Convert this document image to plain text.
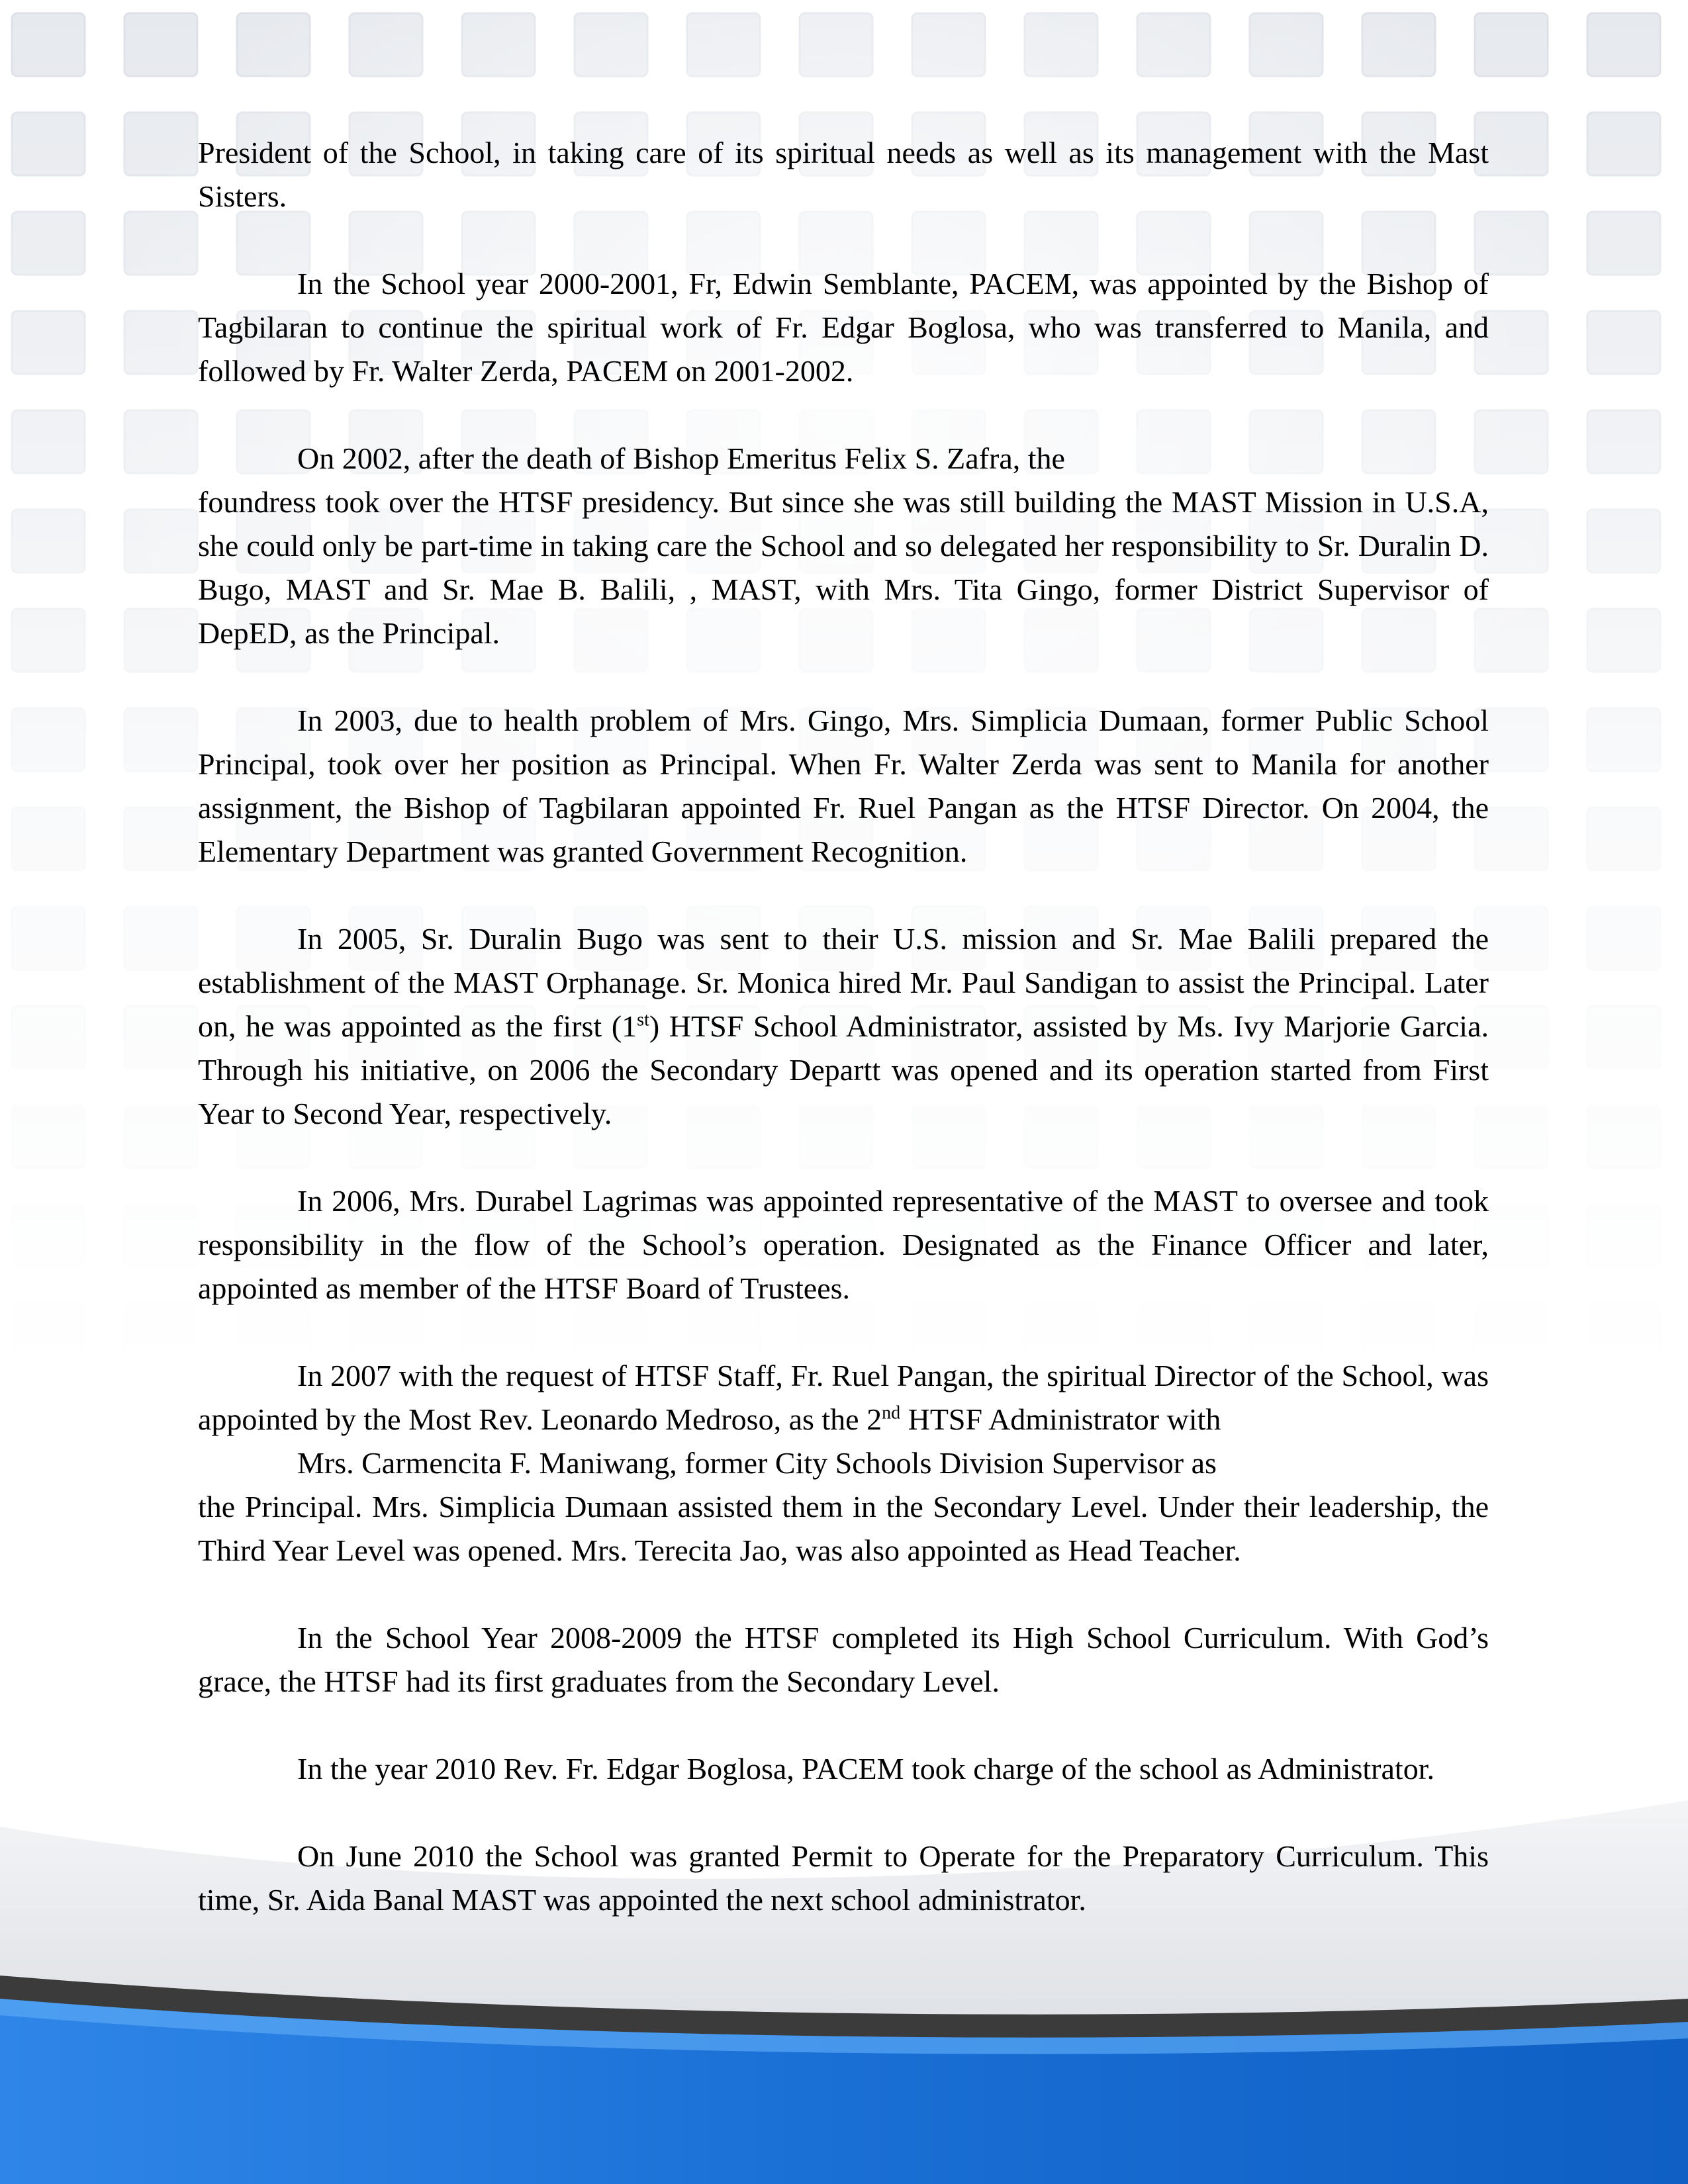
President of the School, in taking care of its spiritual needs as well as its management with the Mast Sisters.

In the School year 2000-2001, Fr, Edwin Semblante, PACEM, was appointed by the Bishop of Tagbilaran to continue the spiritual work of Fr. Edgar Boglosa, who was transferred to Manila, and followed by Fr. Walter Zerda, PACEM on 2001-2002.

On 2002, after the death of Bishop Emeritus Felix S. Zafra, the

foundress took over the HTSF presidency. But since she was still building the MAST Mission in U.S.A, she could only be part-time in taking care the School and so delegated her responsibility to Sr. Duralin D. Bugo, MAST and Sr. Mae B. Balili, , MAST, with Mrs. Tita Gingo, former District Supervisor of DepED, as the Principal.

In 2003, due to health problem of Mrs. Gingo, Mrs. Simplicia Dumaan, former Public School Principal, took over her position as Principal. When Fr. Walter Zerda was sent to Manila for another assignment, the Bishop of Tagbilaran appointed Fr. Ruel Pangan as the HTSF Director. On 2004, the Elementary Department was granted Government Recognition.

In 2005, Sr. Duralin Bugo was sent to their U.S. mission and Sr. Mae Balili prepared the establishment of the MAST Orphanage. Sr. Monica hired Mr. Paul Sandigan to assist the Principal. Later on, he was appointed as the first (1st) HTSF School Administrator, assisted by Ms. Ivy Marjorie Garcia. Through his initiative, on 2006 the Secondary Departt was opened and its operation started from First Year to Second Year, respectively.

In 2006, Mrs. Durabel Lagrimas was appointed representative of the MAST to oversee and took responsibility in the flow of the School’s operation. Designated as the Finance Officer and later, appointed as member of the HTSF Board of Trustees.

In 2007 with the request of HTSF Staff, Fr. Ruel Pangan, the spiritual Director of the School, was appointed by the Most Rev. Leonardo Medroso, as the 2nd HTSF Administrator with
Mrs. Carmencita F. Maniwang, former City Schools Division Supervisor as

the Principal. Mrs. Simplicia Dumaan assisted them in the Secondary Level. Under their leadership, the Third Year Level was opened. Mrs. Terecita Jao, was also appointed as Head Teacher.

In the School Year 2008-2009 the HTSF completed its High School Curriculum. With God’s grace, the HTSF had its first graduates from the Secondary Level.

In the year 2010 Rev. Fr. Edgar Boglosa, PACEM took charge of the school as Administrator.

On June 2010 the School was granted Permit to Operate for the Preparatory Curriculum. This time, Sr. Aida Banal MAST was appointed the next school administrator.
